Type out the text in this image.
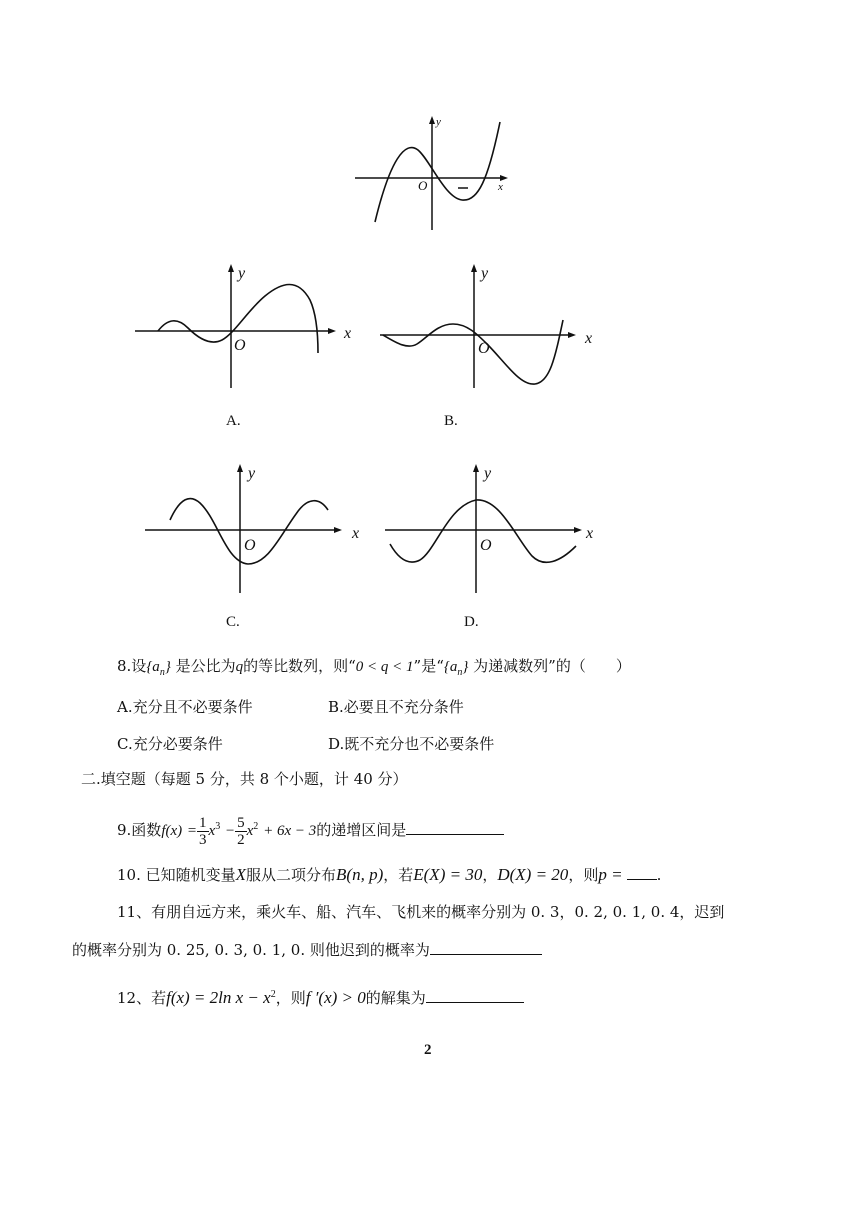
O	x
y
O
x
y
A.
O
x
y
B.
O
x
y
C.
O
x
y
D.
8.设$\{a_n\}$ 是公比为q的等比数列，则“0 < q < 1”是“$\{a_n\}$ 为递减数列”的（　　）
A.充分且不必要条件	B.必要且不充分条件
C.充分必要条件	D.既不充分也不必要条件
二.填空题（每题 5 分，共 8 个小题，计 40 分）
9.函数$f(x) = \frac{1}{3} x^3 - \frac{5}{2} x^2 + 6x - 3$的递增区间是
10. 已知随机变量X服从二项分布B(n, p)，若E(X) = 30，D(X) = 20，则p = .
11、有朋自远方来，乘火车、船、汽车、飞机来的概率分别为 0. 3，0. 2, 0. 1, 0. 4，迟到
的概率分别为 0. 25, 0. 3, 0. 1, 0. 则他迟到的概率为
12、若f(x) = 2ln $x - x^2$，则f ′(x) > 0的解集为
2
